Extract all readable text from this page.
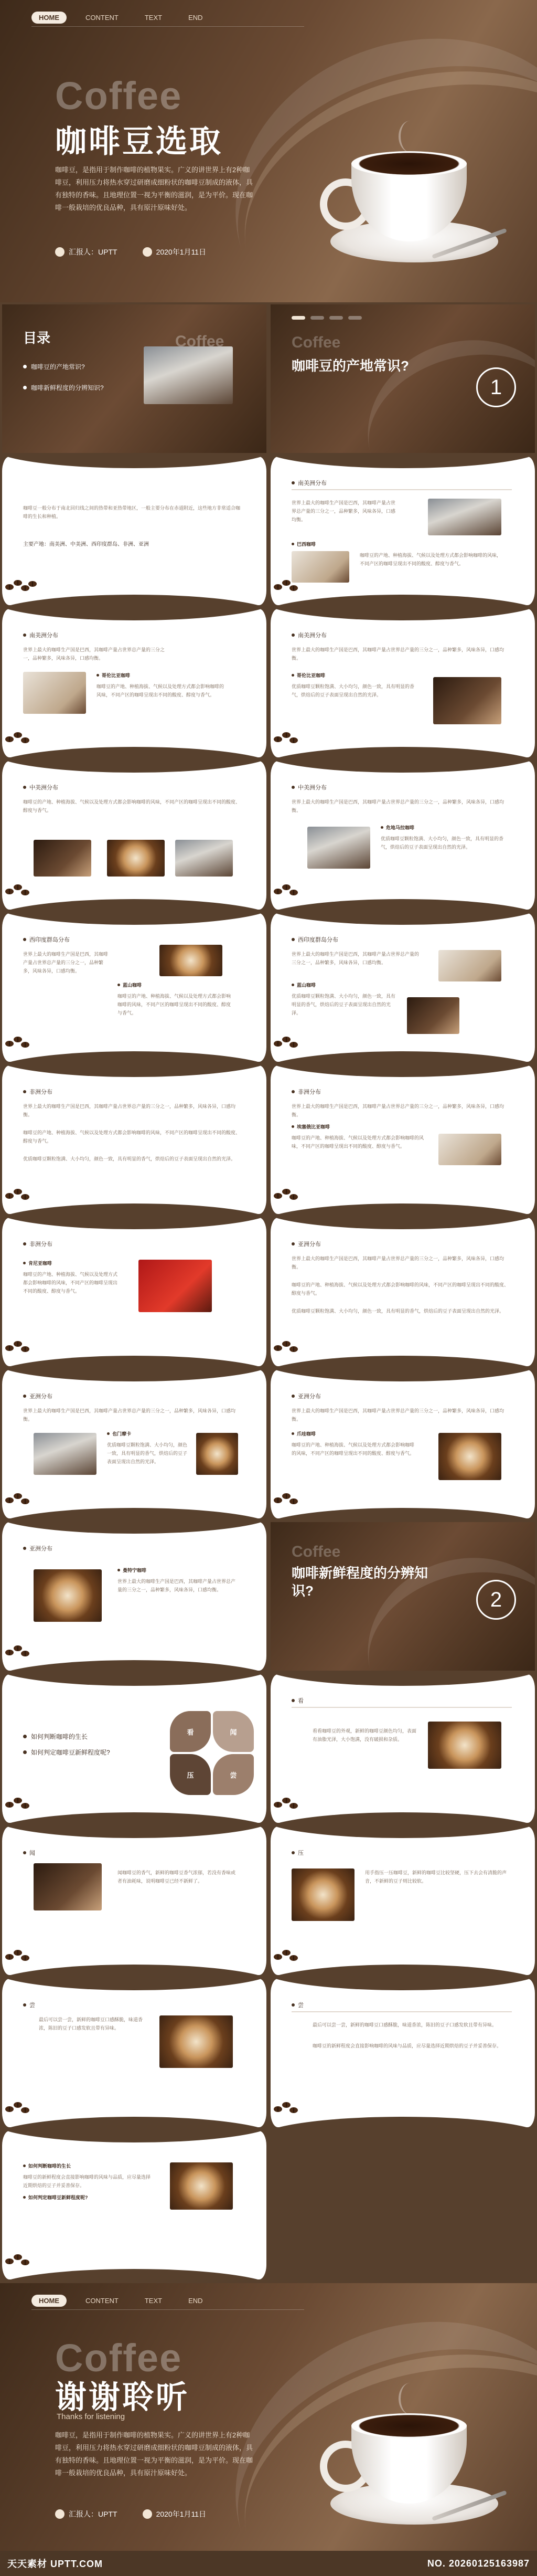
HOME	CONTENT	TEXT	END
Coffee
咖啡豆选取
咖啡豆，是指用于制作咖啡的植物果实。广义的讲世界上有2种咖啡豆，利用压力将热水穿过研磨成细粉状的咖啡豆制成的液体，具有独特的香味。且地理位置一视为平衡的滋润，是为平价。现在咖啡一般栽培的优良品种，具有原汁原味好处。
汇报人：UPTT	2020年1月11日
目录	Coffee
咖啡豆的产地常识?
咖啡新鲜程度的分辨知识?
Coffee
咖啡豆的产地常识?
1
咖啡豆一般分布于南北回归线之间的热带和亚热带地区，一般主要分布在赤道附近，这些地方非常适合咖啡的生长和种植。
主要产地：南美洲、中美洲、西印度群岛、非洲、亚洲
南美洲分布
世界上最大的咖啡生产国是巴西，其咖啡产量占世界总产量的三分之一，品种繁多，风味各异，口感均衡。
巴西咖啡
咖啡豆的产地、种植海拔、气候以及处理方式都会影响咖啡的风味，不同产区的咖啡呈现出不同的酸度、醇度与香气。
南美洲分布
世界上最大的咖啡生产国是巴西，其咖啡产量占世界总产量的三分之一，品种繁多，风味各异，口感均衡。
哥伦比亚咖啡
咖啡豆的产地、种植海拔、气候以及处理方式都会影响咖啡的风味，不同产区的咖啡呈现出不同的酸度、醇度与香气。
南美洲分布
世界上最大的咖啡生产国是巴西，其咖啡产量占世界总产量的三分之一，品种繁多，风味各异，口感均衡。
哥伦比亚咖啡
优质咖啡豆颗粒饱满、大小均匀，颜色一致，具有明显的香气，烘焙后的豆子表面呈现出自然的光泽。
中美洲分布
咖啡豆的产地、种植海拔、气候以及处理方式都会影响咖啡的风味，不同产区的咖啡呈现出不同的酸度、醇度与香气。
中美洲分布
世界上最大的咖啡生产国是巴西，其咖啡产量占世界总产量的三分之一，品种繁多，风味各异，口感均衡。
危地马拉咖啡
优质咖啡豆颗粒饱满、大小均匀，颜色一致，具有明显的香气，烘焙后的豆子表面呈现出自然的光泽。
西印度群岛分布
世界上最大的咖啡生产国是巴西，其咖啡产量占世界总产量的三分之一，品种繁多，风味各异，口感均衡。
蓝山咖啡
咖啡豆的产地、种植海拔、气候以及处理方式都会影响咖啡的风味，不同产区的咖啡呈现出不同的酸度、醇度与香气。
西印度群岛分布
世界上最大的咖啡生产国是巴西，其咖啡产量占世界总产量的三分之一，品种繁多，风味各异，口感均衡。
蓝山咖啡
优质咖啡豆颗粒饱满、大小均匀，颜色一致，具有明显的香气，烘焙后的豆子表面呈现出自然的光泽。
非洲分布
世界上最大的咖啡生产国是巴西，其咖啡产量占世界总产量的三分之一，品种繁多，风味各异，口感均衡。
咖啡豆的产地、种植海拔、气候以及处理方式都会影响咖啡的风味，不同产区的咖啡呈现出不同的酸度、醇度与香气。
优质咖啡豆颗粒饱满、大小均匀，颜色一致，具有明显的香气，烘焙后的豆子表面呈现出自然的光泽。
非洲分布
世界上最大的咖啡生产国是巴西，其咖啡产量占世界总产量的三分之一，品种繁多，风味各异，口感均衡。
埃塞俄比亚咖啡
咖啡豆的产地、种植海拔、气候以及处理方式都会影响咖啡的风味，不同产区的咖啡呈现出不同的酸度、醇度与香气。
非洲分布
肯尼亚咖啡
咖啡豆的产地、种植海拔、气候以及处理方式都会影响咖啡的风味，不同产区的咖啡呈现出不同的酸度、醇度与香气。
亚洲分布
世界上最大的咖啡生产国是巴西，其咖啡产量占世界总产量的三分之一，品种繁多，风味各异，口感均衡。
咖啡豆的产地、种植海拔、气候以及处理方式都会影响咖啡的风味，不同产区的咖啡呈现出不同的酸度、醇度与香气。
优质咖啡豆颗粒饱满、大小均匀，颜色一致，具有明显的香气，烘焙后的豆子表面呈现出自然的光泽。
亚洲分布
世界上最大的咖啡生产国是巴西，其咖啡产量占世界总产量的三分之一，品种繁多，风味各异，口感均衡。
也门摩卡
优质咖啡豆颗粒饱满、大小均匀，颜色一致，具有明显的香气，烘焙后的豆子表面呈现出自然的光泽。
亚洲分布
世界上最大的咖啡生产国是巴西，其咖啡产量占世界总产量的三分之一，品种繁多，风味各异，口感均衡。
爪哇咖啡
咖啡豆的产地、种植海拔、气候以及处理方式都会影响咖啡的风味，不同产区的咖啡呈现出不同的酸度、醇度与香气。
亚洲分布
曼特宁咖啡
世界上最大的咖啡生产国是巴西，其咖啡产量占世界总产量的三分之一，品种繁多，风味各异，口感均衡。
Coffee
咖啡新鲜程度的分辨知识?	2
如何判断咖啡的生长
如何判定咖啡豆新鲜程度呢?
看	闻
压	尝
看
看看咖啡豆的外观，新鲜的咖啡豆颜色均匀，表面有油脂光泽，大小饱满，没有破损和杂质。
闻
闻咖啡豆的香气，新鲜的咖啡豆香气浓郁，若没有香味或者有油耗味，说明咖啡豆已经不新鲜了。
压
用手指压一压咖啡豆，新鲜的咖啡豆比较坚硬，压下去会有清脆的声音，不新鲜的豆子则比较软。
尝
最后可以尝一尝，新鲜的咖啡豆口感酥脆，味道香浓，陈旧的豆子口感发软且带有异味。
尝
最后可以尝一尝，新鲜的咖啡豆口感酥脆，味道香浓，陈旧的豆子口感发软且带有异味。
咖啡豆的新鲜程度会直接影响咖啡的风味与品质，应尽量选择近期烘焙的豆子并妥善保存。
如何判断咖啡的生长
咖啡豆的新鲜程度会直接影响咖啡的风味与品质，应尽量选择近期烘焙的豆子并妥善保存。
如何判定咖啡豆新鲜程度呢?
HOME	CONTENT	TEXT	END
Coffee
谢谢聆听
Thanks for listening
咖啡豆，是指用于制作咖啡的植物果实。广义的讲世界上有2种咖啡豆，利用压力将热水穿过研磨成细粉状的咖啡豆制成的液体，具有独特的香味。且地理位置一视为平衡的滋润，是为平价。现在咖啡一般栽培的优良品种，具有原汁原味好处。
汇报人：UPTT	2020年1月11日
天天素材 UPTT.COM	NO. 20260125163987
